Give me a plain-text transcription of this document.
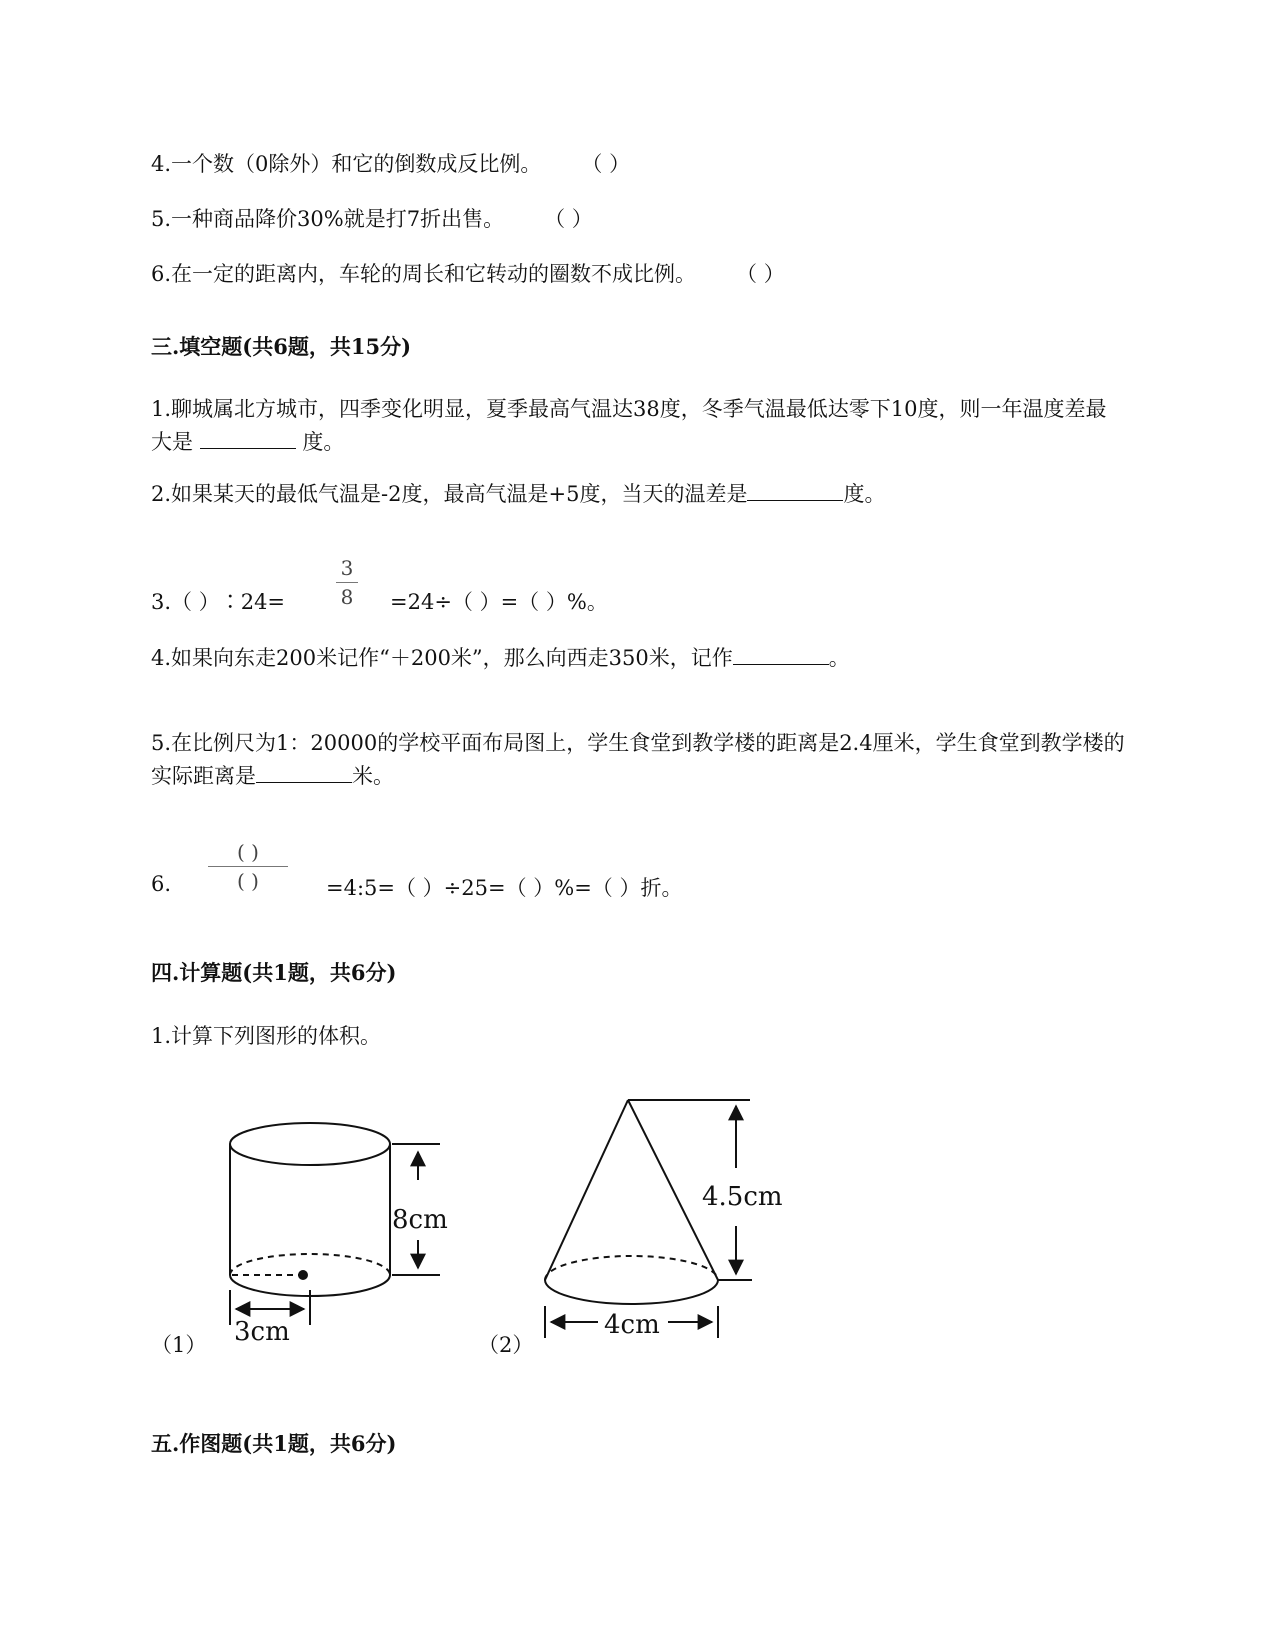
4.一个数（0除外）和它的倒数成反比例。 （ ）
5.一种商品降价30%就是打7折出售。 （ ）
6.在一定的距离内，车轮的周长和它转动的圈数不成比例。 （ ）
三.填空题(共6题，共15分)
1.聊城属北方城市，四季变化明显，夏季最高气温达38度，冬季气温最低达零下10度，则一年温度差最大是	度。
2.如果某天的最低气温是-2度，最高气温是+5度，当天的温差是	度。
3.（ ）∶24=
3
8 =24÷（ ）=（ ）%。
4.如果向东走200米记作“＋200米”，那么向西走350米，记作	。
5.在比例尺为1：20000的学校平面布局图上，学生食堂到教学楼的距离是2.4厘米，学生食堂到教学楼的实际距离是	米。
6.
( )
( )	=4:5=（ ）÷25=（ ）%=（ ）折。
四.计算题(共1题，共6分)
1.计算下列图形的体积。
8cm
3cm
4.5cm
4cm
（1）	（2）
五.作图题(共1题，共6分)
